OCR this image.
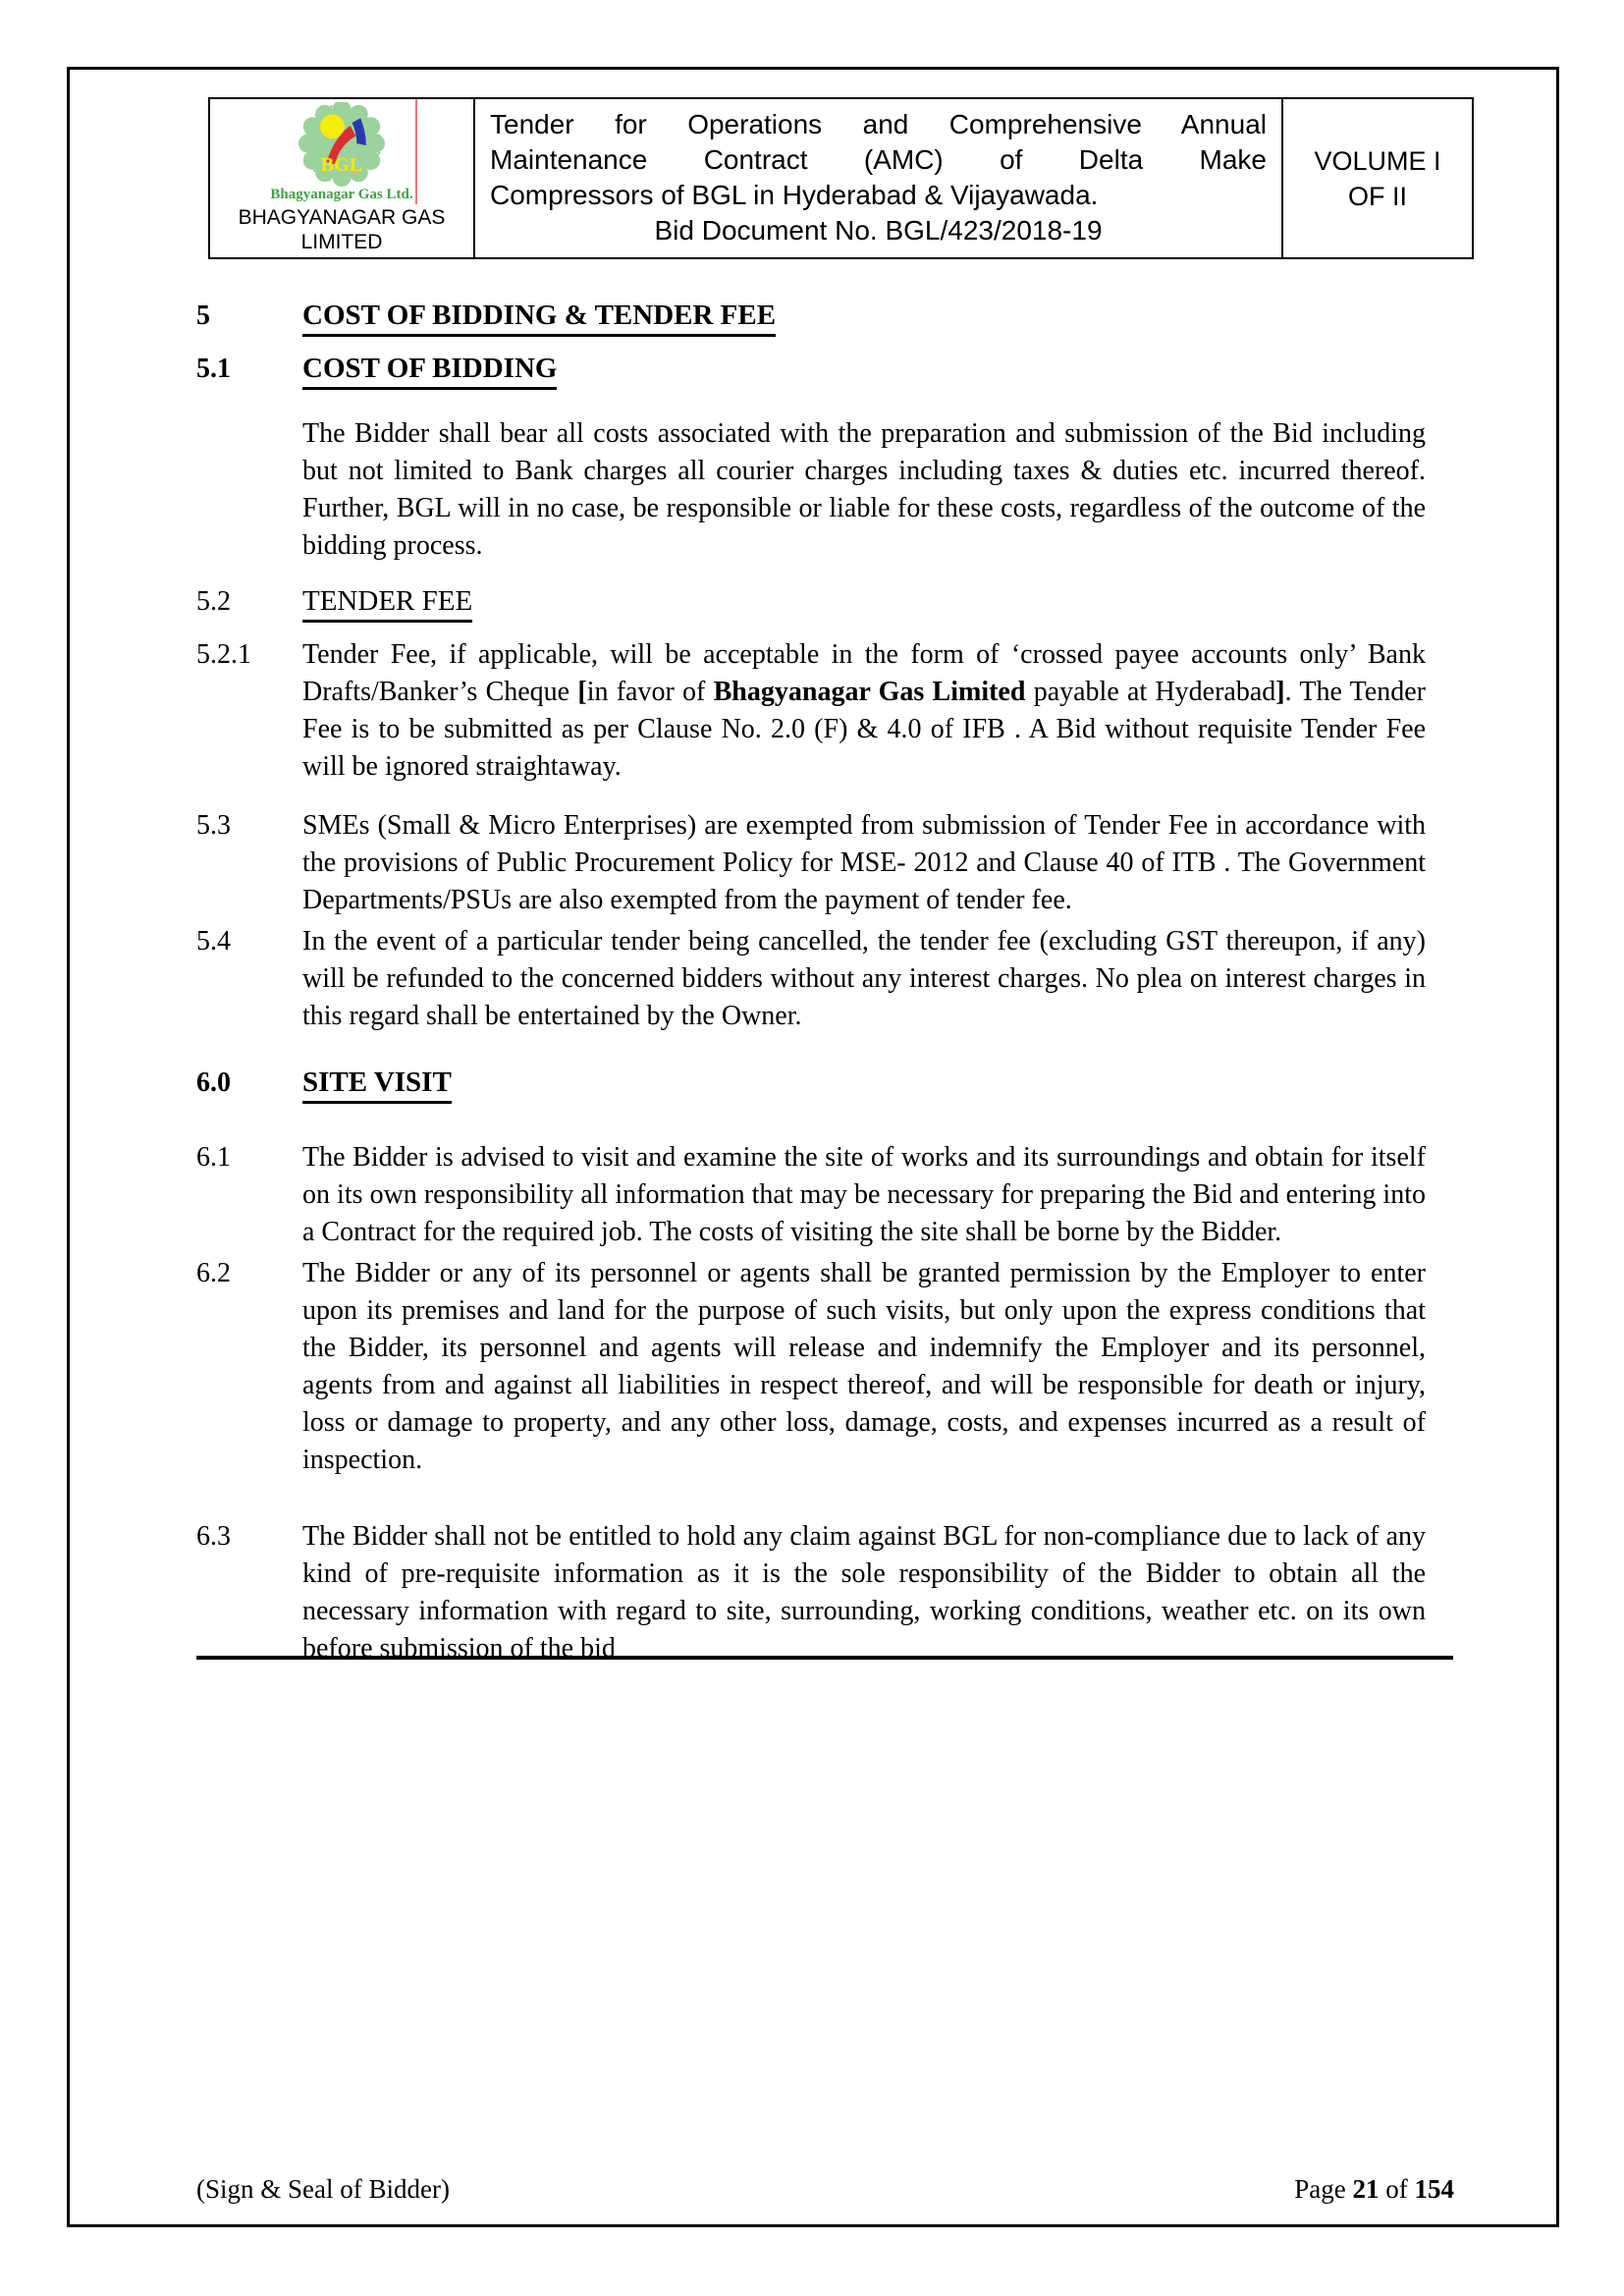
BGL
Bhagyanagar Gas Ltd.
BHAGYANAGAR GAS
LIMITED
Tender for Operations and Comprehensive Annual
Maintenance Contract (AMC) of Delta Make
Compressors of BGL in Hyderabad & Vijayawada.
Bid Document No. BGL/423/2018-19
VOLUME I
OF II
5	COST OF BIDDING & TENDER FEE
5.1	COST OF BIDDING
The Bidder shall bear all costs associated with the preparation and submission of the Bid including but not limited to Bank charges all courier charges including taxes & duties etc. incurred thereof. Further, BGL will in no case, be responsible or liable for these costs, regardless of the outcome of the bidding process.
5.2	TENDER FEE
5.2.1	Tender Fee, if applicable, will be acceptable in the form of ‘crossed payee accounts only’ Bank Drafts/Banker’s Cheque [in favor of Bhagyanagar Gas Limited payable at Hyderabad]. The Tender Fee is to be submitted as per Clause No. 2.0 (F) & 4.0 of IFB . A Bid without requisite Tender Fee will be ignored straightaway.
5.3	SMEs (Small & Micro Enterprises) are exempted from submission of Tender Fee in accordance with the provisions of Public Procurement Policy for MSE- 2012 and Clause 40 of ITB . The Government Departments/PSUs are also exempted from the payment of tender fee.
5.4	In the event of a particular tender being cancelled, the tender fee (excluding GST thereupon, if any) will be refunded to the concerned bidders without any interest charges. No plea on interest charges in this regard shall be entertained by the Owner.
6.0	SITE VISIT
6.1	The Bidder is advised to visit and examine the site of works and its surroundings and obtain for itself on its own responsibility all information that may be necessary for preparing the Bid and entering into a Contract for the required job. The costs of visiting the site shall be borne by the Bidder.
6.2	The Bidder or any of its personnel or agents shall be granted permission by the Employer to enter upon its premises and land for the purpose of such visits, but only upon the express conditions that the Bidder, its personnel and agents will release and indemnify the Employer and its personnel, agents from and against all liabilities in respect thereof, and will be responsible for death or injury, loss or damage to property, and any other loss, damage, costs, and expenses incurred as a result of inspection.
6.3	The Bidder shall not be entitled to hold any claim against BGL for non-compliance due to lack of any kind of pre-requisite information as it is the sole responsibility of the Bidder to obtain all the necessary information with regard to site, surrounding, working conditions, weather etc. on its own before submission of the bid
(Sign & Seal of Bidder)	Page 21 of 154
